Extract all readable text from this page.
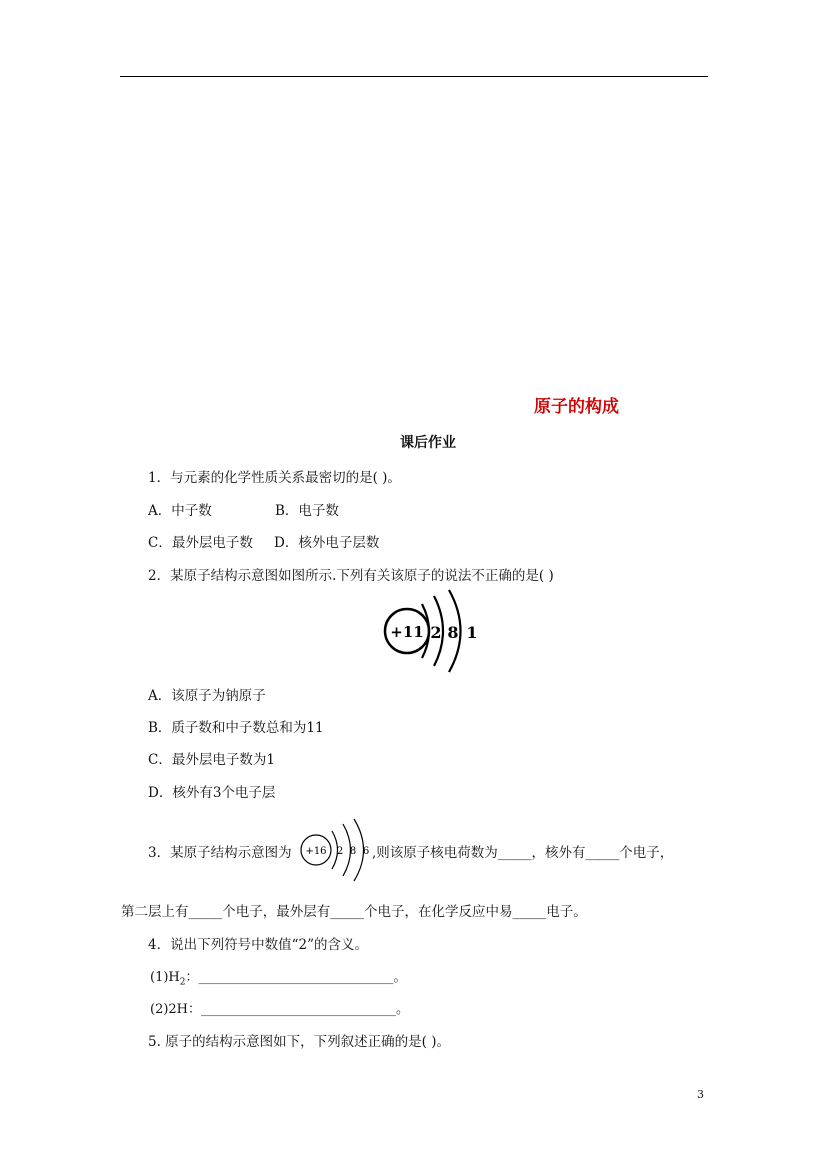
原子的构成
课后作业
1．与元素的化学性质关系最密切的是( )。
A．中子数	B．电子数
C．最外层电子数 D．核外电子层数
2．某原子结构示意图如图所示.下列有关该原子的说法不正确的是( )
+11 2 8 1
A．该原子为钠原子
B．质子数和中子数总和为11
C．最外层电子数为1
D．核外有3个电子层
3．某原子结构示意图为 +16 2 8 6 ,则该原子核电荷数为_____，核外有_____个电子，
第二层上有_____个电子，最外层有_____个电子，在化学反应中易_____电子。
4．说出下列符号中数值“2”的含义。
$(1)H_2$：______________________________。
(2)2H：______________________________。
5. 原子的结构示意图如下，下列叙述正确的是( )。
3
